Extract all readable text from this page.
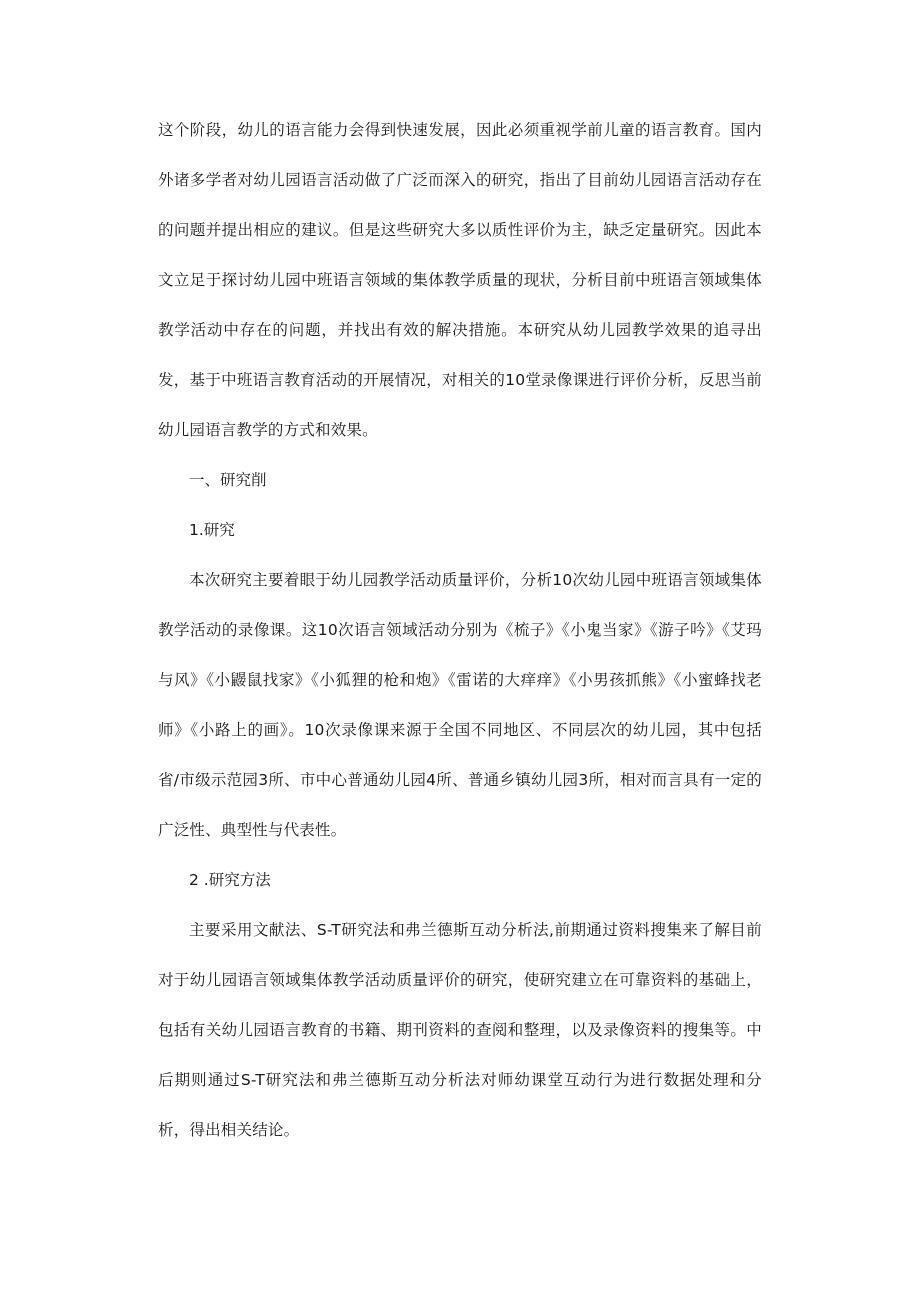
这个阶段，幼儿的语言能力会得到快速发展，因此必须重视学前儿童的语言教育。国内外诸多学者对幼儿园语言活动做了广泛而深入的研究，指出了目前幼儿园语言活动存在的问题并提出相应的建议。但是这些研究大多以质性评价为主，缺乏定量研究。因此本文立足于探讨幼儿园中班语言领域的集体教学质量的现状，分析目前中班语言领域集体教学活动中存在的问题，并找出有效的解决措施。本研究从幼儿园教学效果的追寻出发，基于中班语言教育活动的开展情况，对相关的10堂录像课进行评价分析，反思当前幼儿园语言教学的方式和效果。

一、研究削

1.研究

本次研究主要着眼于幼儿园教学活动质量评价，分析10次幼儿园中班语言领域集体教学活动的录像课。这10次语言领域活动分别为《梳子》《小鬼当家》《游子吟》《艾玛与风》《小鼹鼠找家》《小狐狸的枪和炮》《雷诺的大痒痒》《小男孩抓熊》《小蜜蜂找老师》《小路上的画》。10次录像课来源于全国不同地区、不同层次的幼儿园，其中包括省/市级示范园3所、市中心普通幼儿园4所、普通乡镇幼儿园3所，相对而言具有一定的广泛性、典型性与代表性。

2 .研究方法

主要采用文献法、S-T研究法和弗兰德斯互动分析法,前期通过资料搜集来了解目前对于幼儿园语言领域集体教学活动质量评价的研究，使研究建立在可靠资料的基础上，包括有关幼儿园语言教育的书籍、期刊资料的查阅和整理，以及录像资料的搜集等。中后期则通过S-T研究法和弗兰德斯互动分析法对师幼课堂互动行为进行数据处理和分析，得出相关结论。
